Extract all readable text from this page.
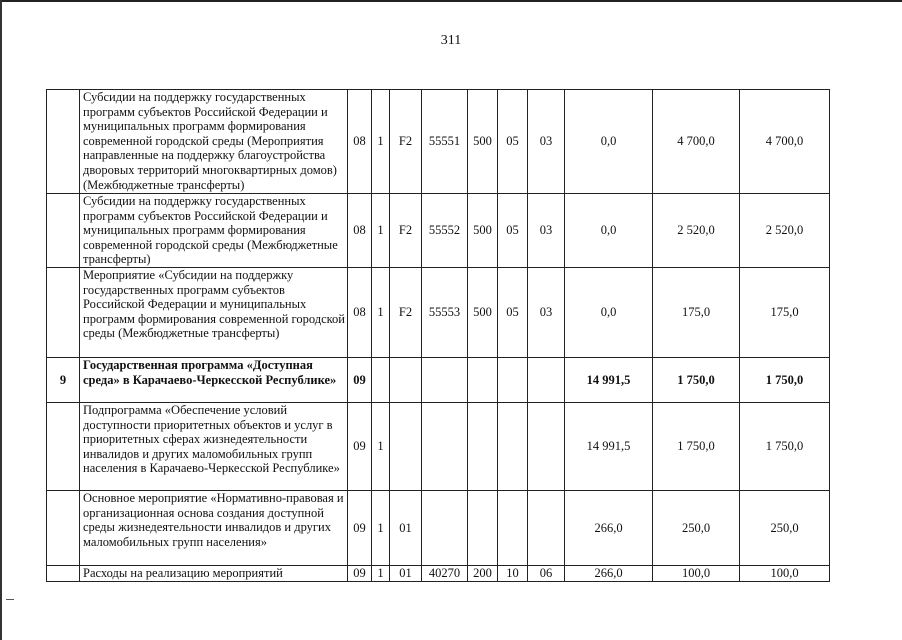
311
	Субсидии на поддержку государственных программ субъектов Российской Федерации и муниципальных программ формирования современной городской среды (Мероприятия направленные на поддержку благоустройства дворовых территорий многоквартирных домов) (Межбюджетные трансферты)	08	1	F2	55551	500	05	03	0,0	4 700,0	4 700,0
	Субсидии на поддержку государственных программ субъектов Российской Федерации и муниципальных программ формирования современной городской среды (Межбюджетные трансферты)	08	1	F2	55552	500	05	03	0,0	2 520,0	2 520,0
	Мероприятие «Субсидии на поддержку государственных программ субъектов Российской Федерации и муниципальных программ формирования современной городской среды (Межбюджетные трансферты)	08	1	F2	55553	500	05	03	0,0	175,0	175,0
9	Государственная программа «Доступная среда» в Карачаево-Черкесской Республике»	09							14 991,5	1 750,0	1 750,0
	Подпрограмма «Обеспечение условий доступности приоритетных объектов и услуг в приоритетных сферах жизнедеятельности инвалидов и других маломобильных групп населения в Карачаево-Черкесской Республике»	09	1						14 991,5	1 750,0	1 750,0
	Основное мероприятие «Нормативно-правовая и организационная основа создания доступной среды жизнедеятельности инвалидов и других маломобильных групп населения»	09	1	01					266,0	250,0	250,0
	Расходы на реализацию мероприятий	09	1	01	40270	200	10	06	266,0	100,0	100,0
